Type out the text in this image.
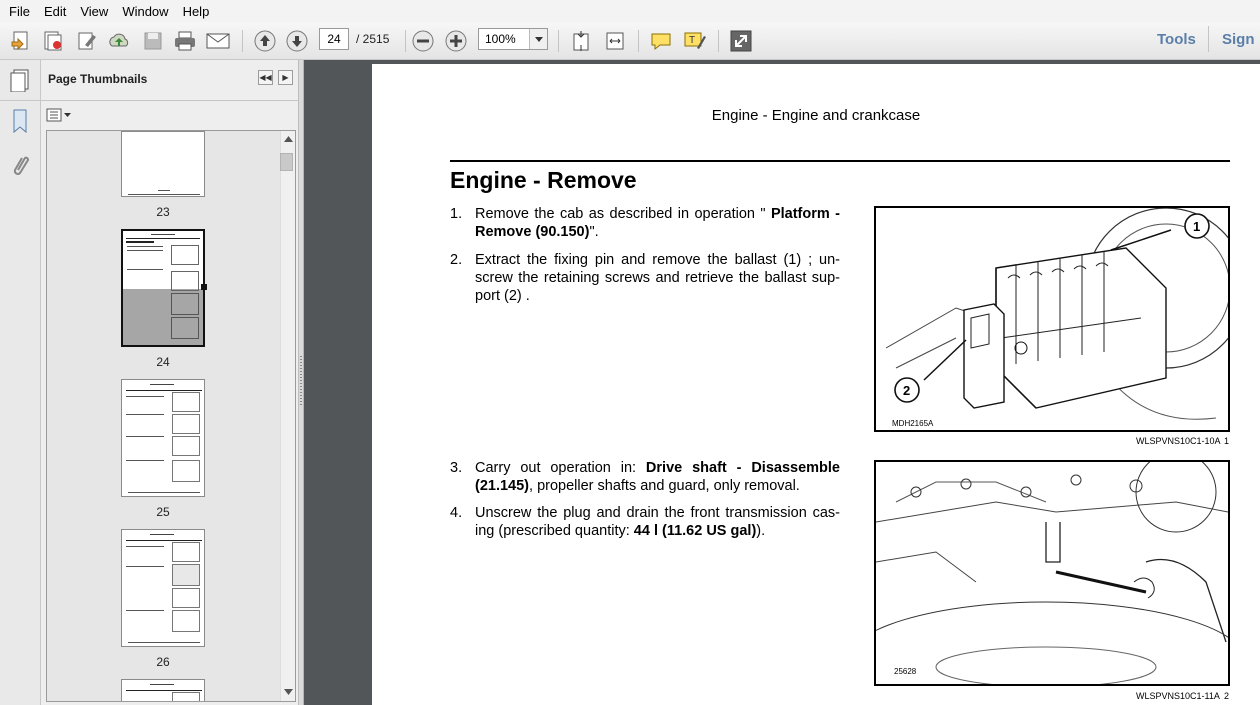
File	Edit	View	Window	Help
T
24	/ 2515	100%	Tools Sign
Page Thumbnails	◀◀	▶
23
24
25
26
Engine - Engine and crankcase
Engine - Remove
1. Remove the cab as described in operation " Platform - Remove (90.150)".
2. Extract the fixing pin and remove the ballast (1) ; un-screw the retaining screws and retrieve the ballast sup-port (2) .
3. Carry out operation in: Drive shaft - Disassemble (21.145), propeller shafts and guard, only removal.
4. Unscrew the plug and drain the front transmission cas-ing (prescribed quantity: 44 l (11.62 US gal)).
1
2
MDH2165A
WLSPVNS10C1-10A 1
25628
WLSPVNS10C1-11A 2
